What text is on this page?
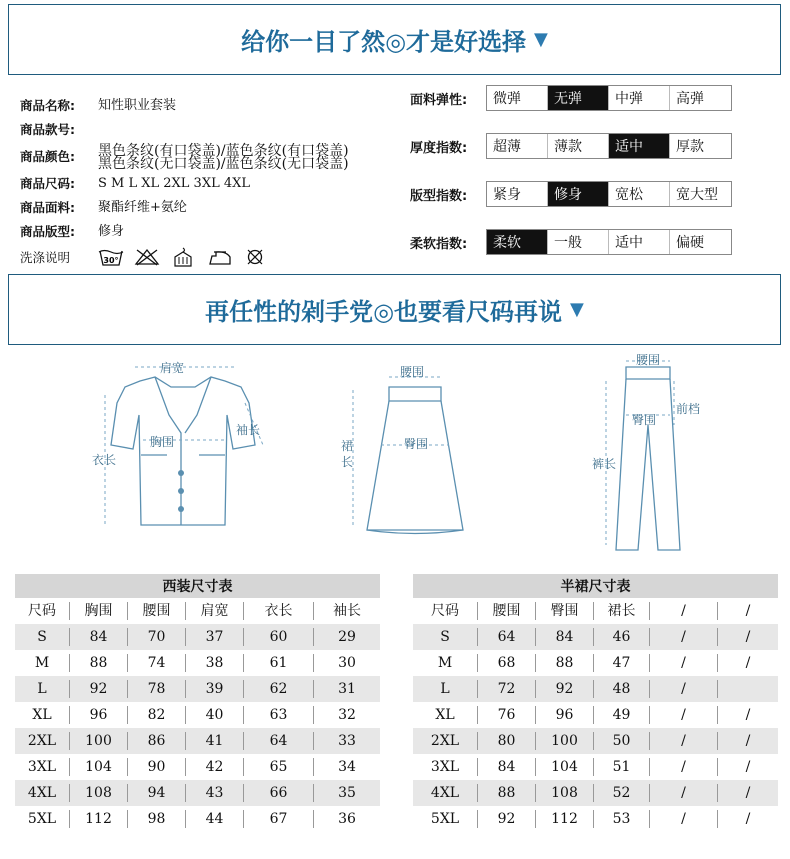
给你一目了然◎才是好选择 ▼
商品名称:	知性职业套装
商品款号:
商品颜色:	黑色条纹(有口袋盖)/蓝色条纹(有口袋盖)
黑色条纹(无口袋盖)/蓝色条纹(无口袋盖)
商品尺码:	S M L XL 2XL 3XL 4XL
商品面料:	聚酯纤维+氨纶
商品版型:	修身
洗涤说明	30°
面料弹性:	微弹	无弹	中弹	高弹
厚度指数:	超薄	薄款	适中	厚款
版型指数:	紧身	修身	宽松	宽大型
柔软指数:	柔软	一般	适中	偏硬
再任性的剁手党◎也要看尺码再说 ▼
肩宽
袖长
胸围
衣长
腰围
裙
长
臀围
腰围
前档
臀围
裤长
西装尺寸表
尺码	胸围	腰围	肩宽	衣长	袖长
S	84	70	37	60	29
M	88	74	38	61	30
L	92	78	39	62	31
XL	96	82	40	63	32
2XL	100	86	41	64	33
3XL	104	90	42	65	34
4XL	108	94	43	66	35
5XL	112	98	44	67	36
半裙尺寸表
尺码	腰围	臀围	裙长	/	/
S	64	84	46	/	/
M	68	88	47	/	/
L	72	92	48	/
XL	76	96	49	/	/
2XL	80	100	50	/	/
3XL	84	104	51	/	/
4XL	88	108	52	/	/
5XL	92	112	53	/	/
